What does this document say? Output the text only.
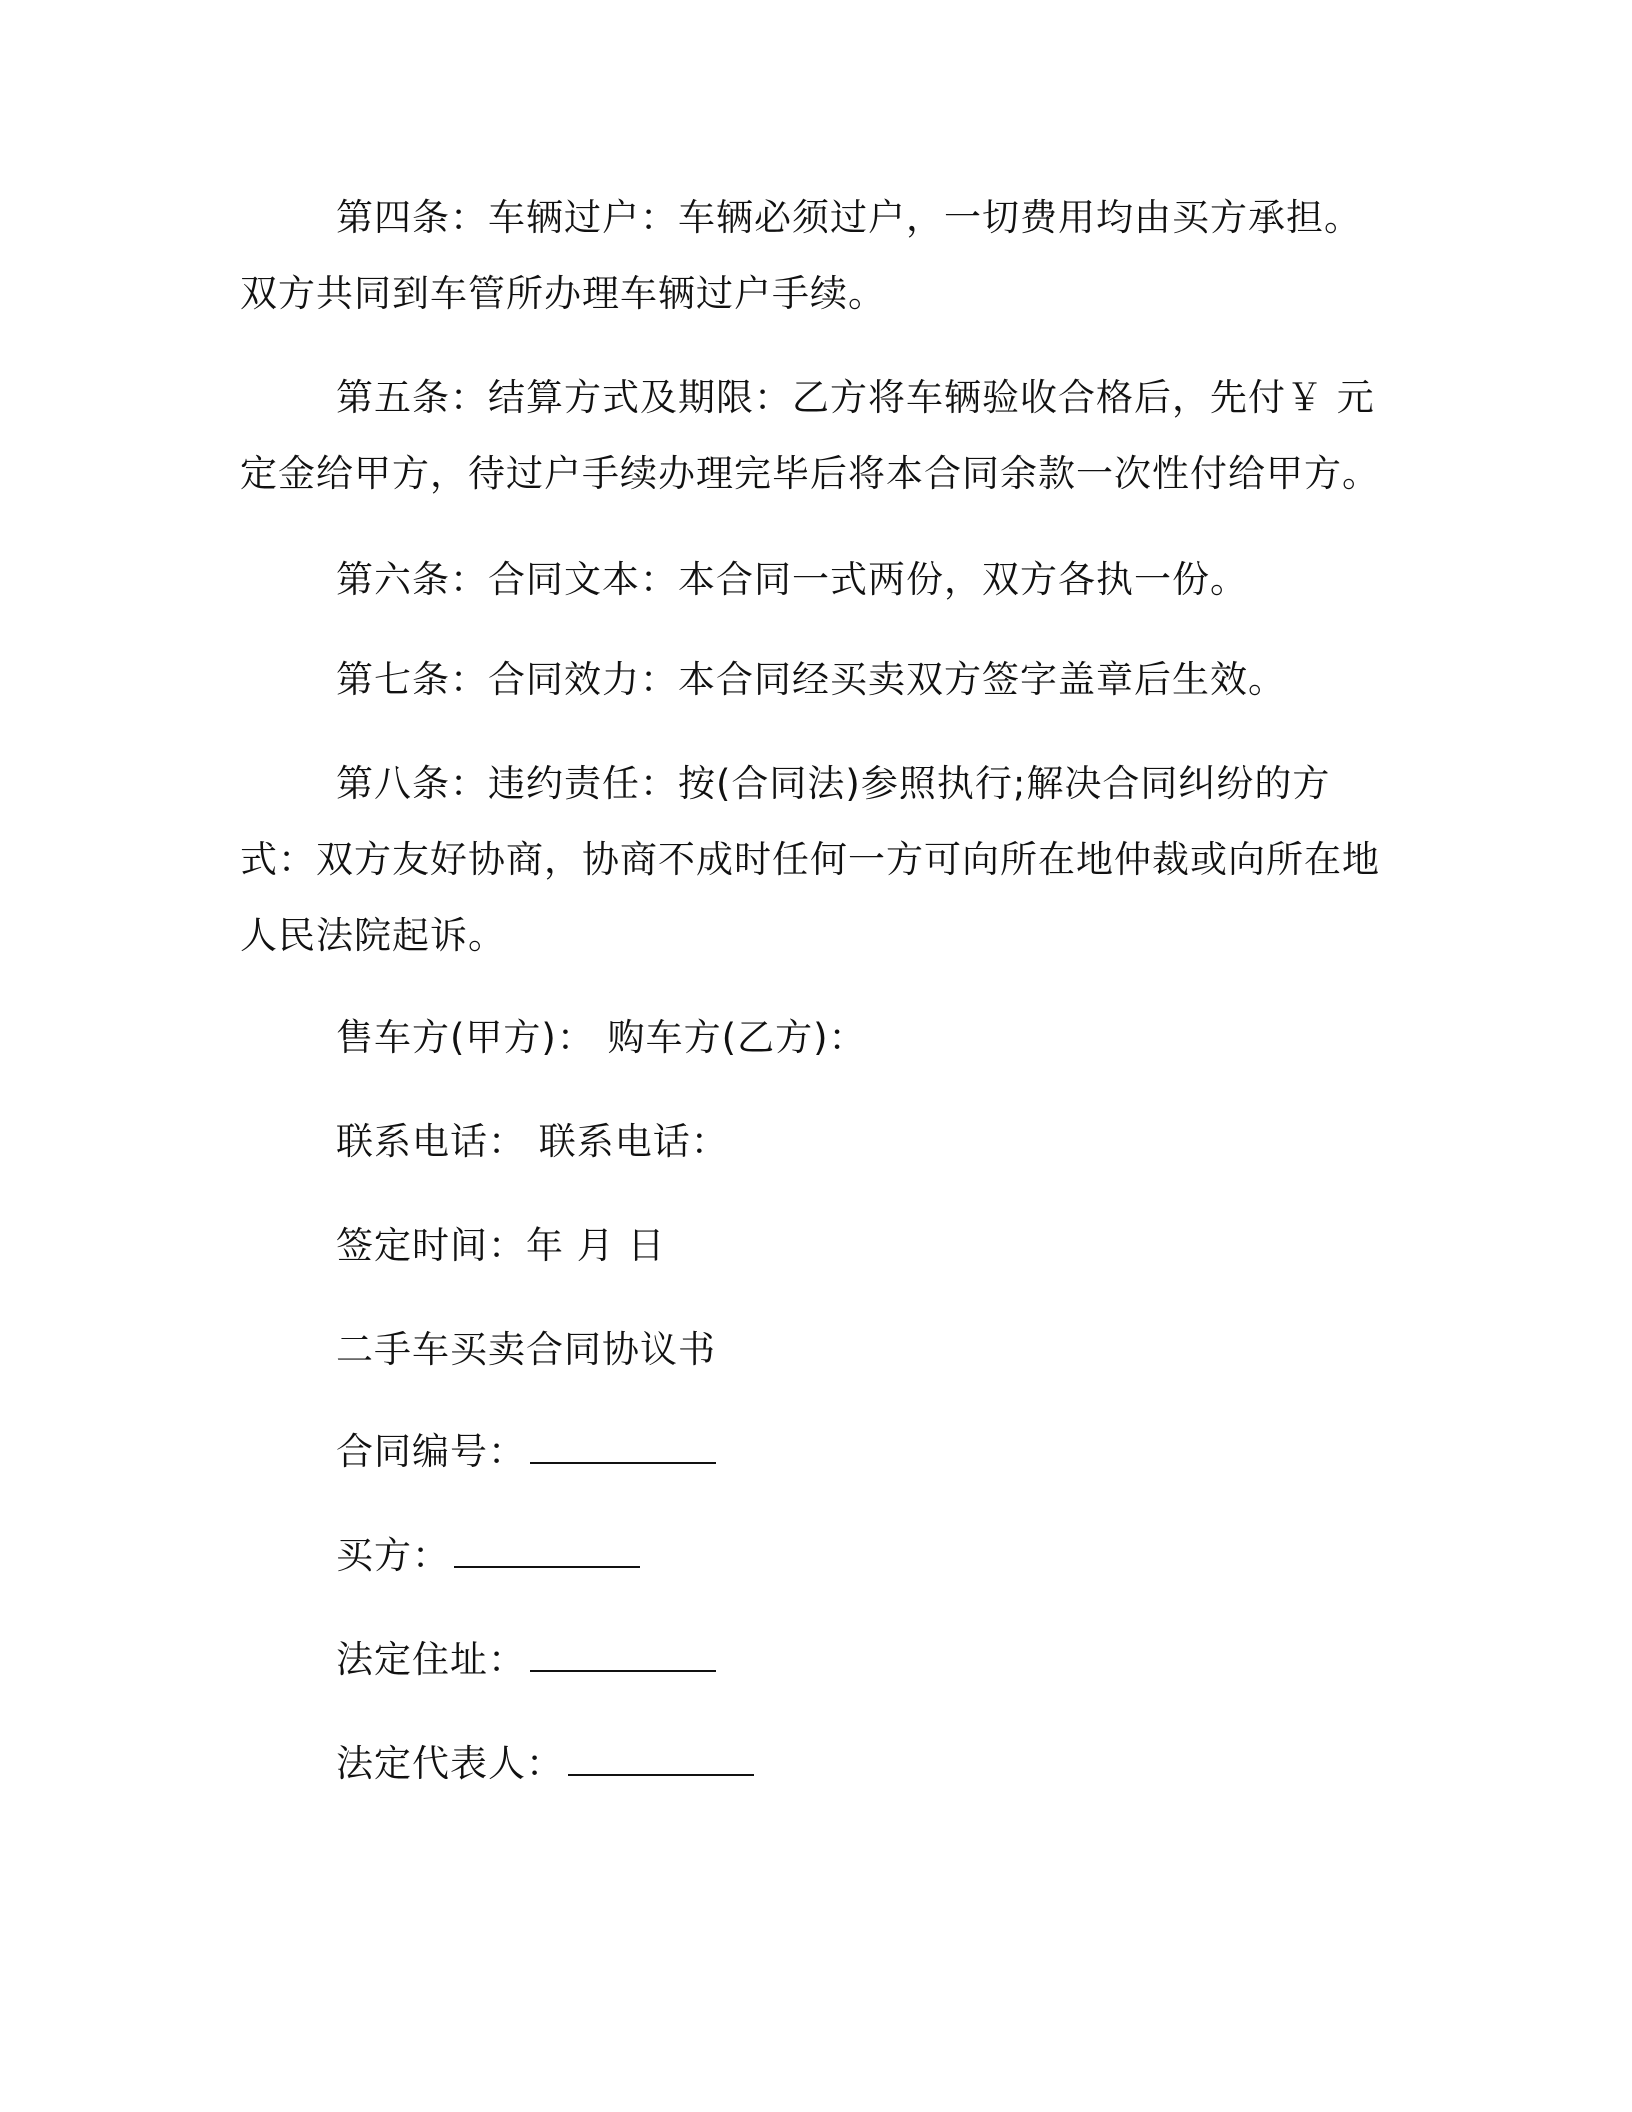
第四条：车辆过户：车辆必须过户，一切费用均由买方承担。双方共同到车管所办理车辆过户手续。

第五条：结算方式及期限：乙方将车辆验收合格后，先付￥ 元定金给甲方，待过户手续办理完毕后将本合同余款一次性付给甲方。

第六条：合同文本：本合同一式两份，双方各执一份。

第七条：合同效力：本合同经买卖双方签字盖章后生效。

第八条：违约责任：按(合同法)参照执行;解决合同纠纷的方式：双方友好协商，协商不成时任何一方可向所在地仲裁或向所在地人民法院起诉。

售车方(甲方)： 购车方(乙方)：

联系电话： 联系电话：

签定时间：年 月 日

二手车买卖合同协议书

合同编号：

买方：

法定住址：

法定代表人：
